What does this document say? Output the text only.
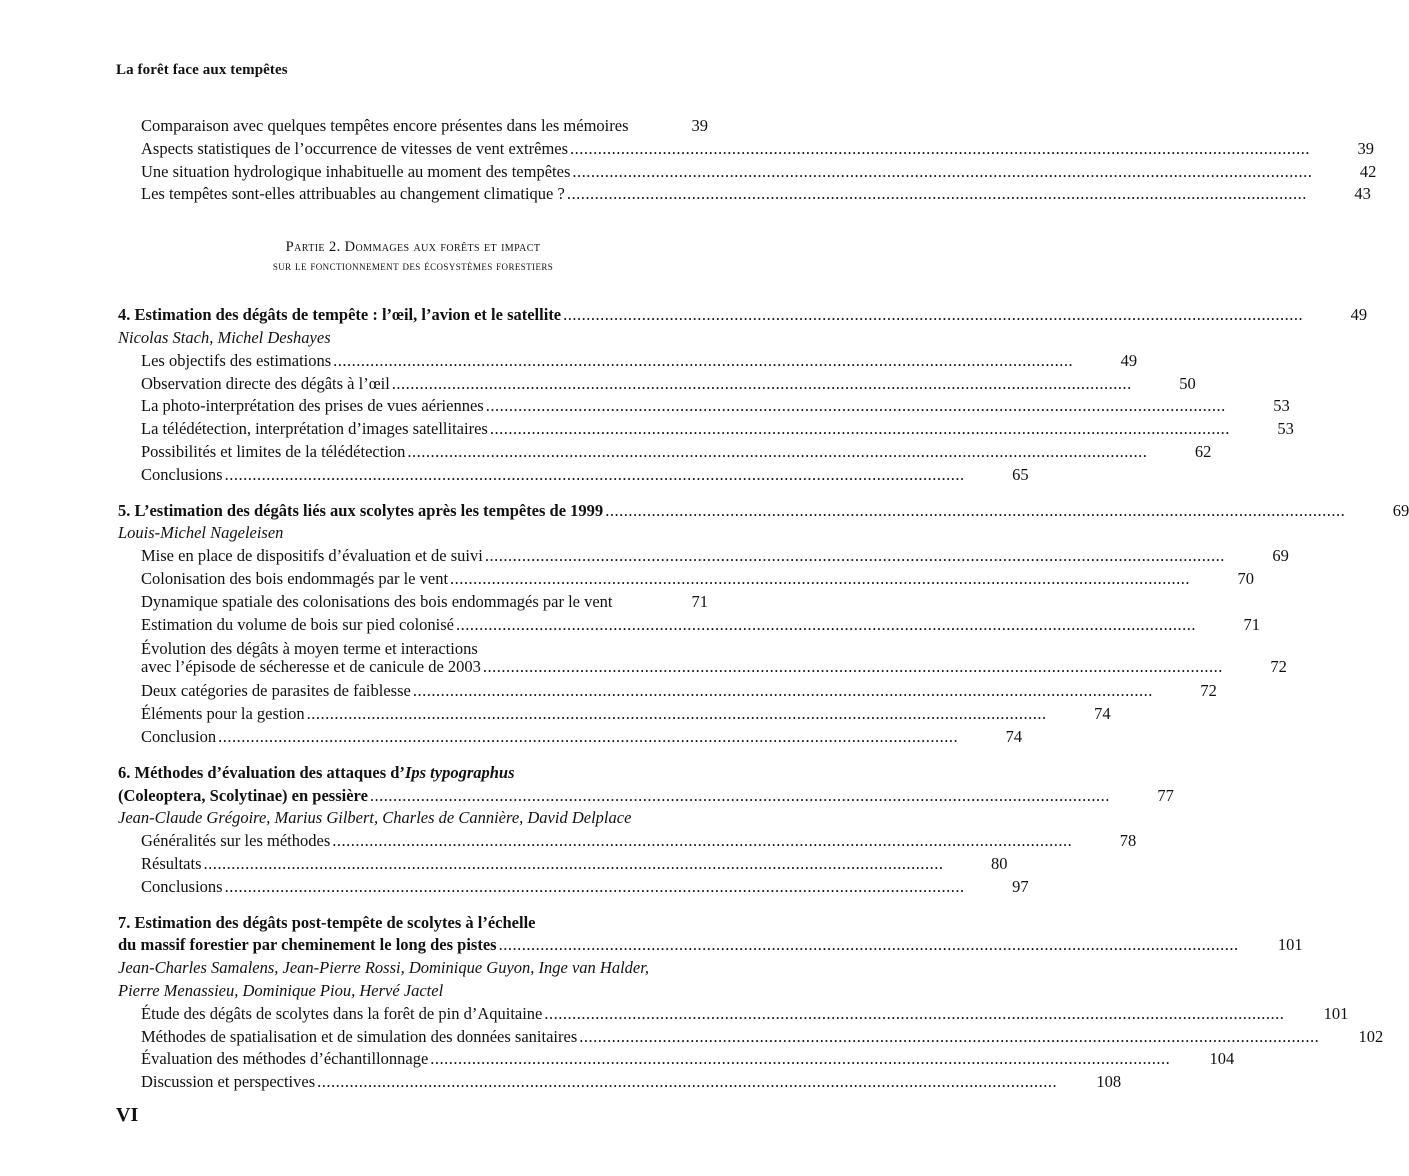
La forêt face aux tempêtes
Comparaison avec quelques tempêtes encore présentes dans les mémoires	39
Aspects statistiques de l’occurrence de vitesses de vent extrêmes ................................................................................................................................................................	39
Une situation hydrologique inhabituelle au moment des tempêtes ................................................................................................................................................................	42
Les tempêtes sont-elles attribuables au changement climatique ? ................................................................................................................................................................	43
Partie 2. Dommages aux forêts et impact
sur le fonctionnement des écosystèmes forestiers
4. Estimation des dégâts de tempête : l’œil, l’avion et le satellite ................................................................................................................................................................	49
Nicolas Stach, Michel Deshayes
Les objectifs des estimations ................................................................................................................................................................	49
Observation directe des dégâts à l’œil ................................................................................................................................................................	50
La photo-interprétation des prises de vues aériennes ................................................................................................................................................................	53
La télédétection, interprétation d’images satellitaires ................................................................................................................................................................	53
Possibilités et limites de la télédétection ................................................................................................................................................................	62
Conclusions ................................................................................................................................................................	65
5. L’estimation des dégâts liés aux scolytes après les tempêtes de 1999 ................................................................................................................................................................	69
Louis-Michel Nageleisen
Mise en place de dispositifs d’évaluation et de suivi ................................................................................................................................................................	69
Colonisation des bois endommagés par le vent ................................................................................................................................................................	70
Dynamique spatiale des colonisations des bois endommagés par le vent	71
Estimation du volume de bois sur pied colonisé ................................................................................................................................................................	71
Évolution des dégâts à moyen terme et interactions
avec l’épisode de sécheresse et de canicule de 2003 ................................................................................................................................................................	72
Deux catégories de parasites de faiblesse ................................................................................................................................................................	72
Éléments pour la gestion ................................................................................................................................................................	74
Conclusion ................................................................................................................................................................	74
6. Méthodes d’évaluation des attaques d’Ips typographus
(Coleoptera, Scolytinae) en pessière ................................................................................................................................................................	77
Jean-Claude Grégoire, Marius Gilbert, Charles de Cannière, David Delplace
Généralités sur les méthodes ................................................................................................................................................................	78
Résultats ................................................................................................................................................................	80
Conclusions ................................................................................................................................................................	97
7. Estimation des dégâts post-tempête de scolytes à l’échelle
du massif forestier par cheminement le long des pistes ................................................................................................................................................................	101
Jean-Charles Samalens, Jean-Pierre Rossi, Dominique Guyon, Inge van Halder,
Pierre Menassieu, Dominique Piou, Hervé Jactel
Étude des dégâts de scolytes dans la forêt de pin d’Aquitaine ................................................................................................................................................................	101
Méthodes de spatialisation et de simulation des données sanitaires ................................................................................................................................................................	102
Évaluation des méthodes d’échantillonnage ................................................................................................................................................................	104
Discussion et perspectives ................................................................................................................................................................	108
VI
